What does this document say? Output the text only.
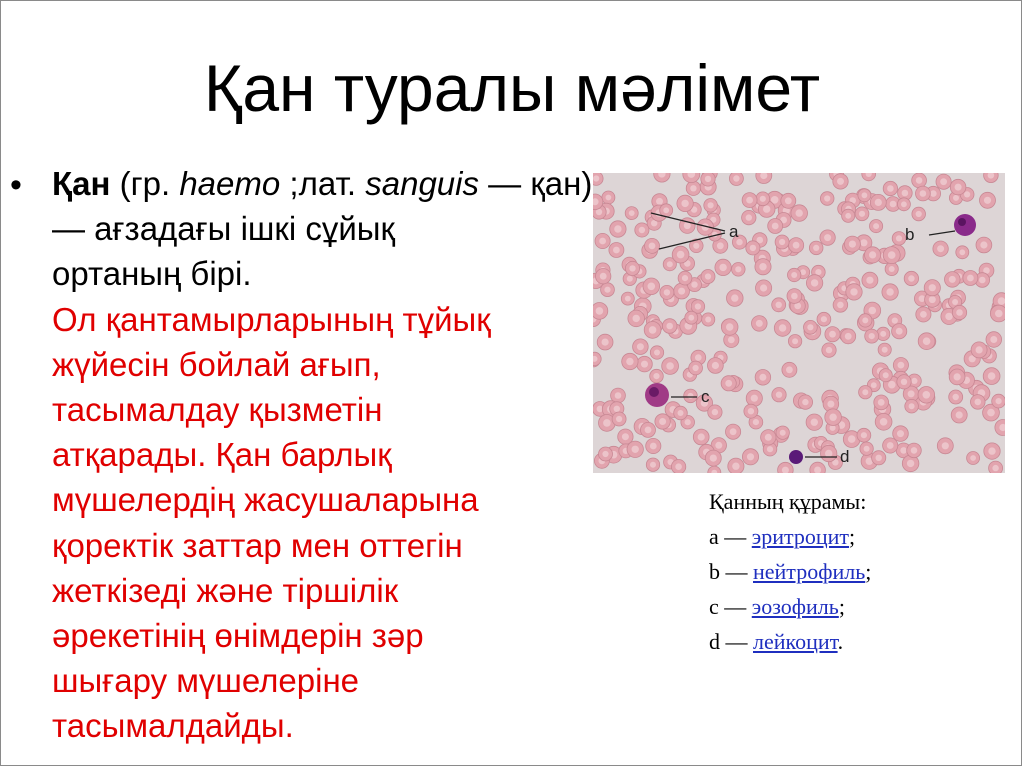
Қан туралы мәлімет
• Қан (гр. haemo ;лат. sanguis — қан) — ағзадағы ішкі сұйық
ортаның бірі.
Ол қантамырларының тұйық
жүйесін бойлай ағып,
тасымалдау қызметін
атқарады. Қан барлық
мүшелердің жасушаларына
қоректік заттар мен оттегін
жеткізеді және тіршілік
әрекетінің өнімдерін зәр
шығару мүшелеріне
тасымалдайды.
a	b
c
d
Қанның құрамы:
a — эритроцит;
b — нейтрофиль;
c — эозофиль;
d — лейкоцит.
